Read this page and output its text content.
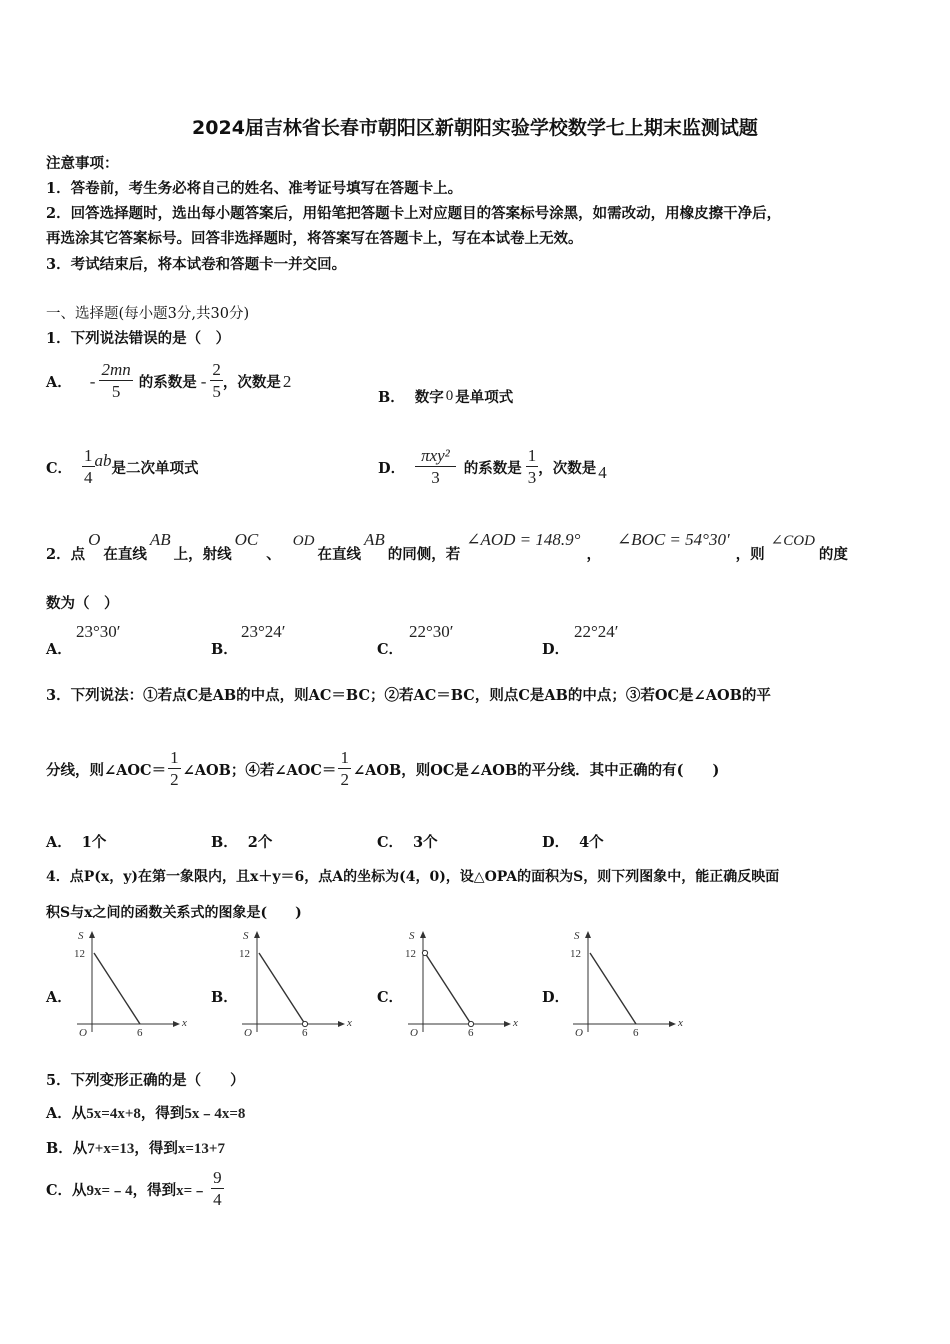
2024届吉林省长春市朝阳区新朝阳实验学校数学七上期末监测试题
注意事项：
1．答卷前，考生务必将自己的姓名、准考证号填写在答题卡上。
2．回答选择题时，选出每小题答案后，用铅笔把答题卡上对应题目的答案标号涂黑，如需改动，用橡皮擦干净后，
再选涂其它答案标号。回答非选择题时，将答案写在答题卡上，写在本试卷上无效。
3．考试结束后，将本试卷和答题卡一并交回。
一、选择题(每小题3分,共30分)
1．下列说法错误的是（　）
A． - $\frac{2mn}{5}$ 的系数是 - $\frac{2}{5}$ ，次数是 2
B． 数字 0 是单项式
C． $\frac{1}{4}$ ab 是二次单项式	D． $\frac{\text{πxy²}}{3}$ 的系数是 $\frac{1}{3}$ ，次数是 4
2．点
O
在直线
AB
上，射线
OC
、
OD
在直线
AB
的同侧，若
∠AOD = 148.9°
，
∠BOC = 54°30′
，则
∠COD
的度
数为（　）
A．
23°30′
B．
23°24′
C．
22°30′
D．
22°24′
3．下列说法：①若点C是AB的中点，则AC＝BC；②若AC＝BC，则点C是AB的中点；③若OC是∠AOB的平
分线，则∠AOC＝ $\frac{1}{2}$ ∠AOB；④若∠AOC＝ $\frac{1}{2}$ ∠AOB，则OC是∠AOB的平分线．其中正确的有(　　)
A． 1个	B． 2个	C． 3个	D． 4个
4．点P(x，y)在第一象限内，且x＋y＝6，点A的坐标为(4，0)，设△OPA的面积为S，则下列图象中，能正确反映面
积S与x之间的函数关系式的图象是(　　)
A．
S
12
O	6
x
B．
S
12
O	6
x
C．
S
12
O	6
x
D．
S
12
O	6
x
5．下列变形正确的是（　　）
A．从5x=4x+8，得到5x﹣4x=8
B．从7+x=13，得到x=13+7
C． 从 9x=﹣4 ，得到 x=﹣ $\frac{9}{4}$
